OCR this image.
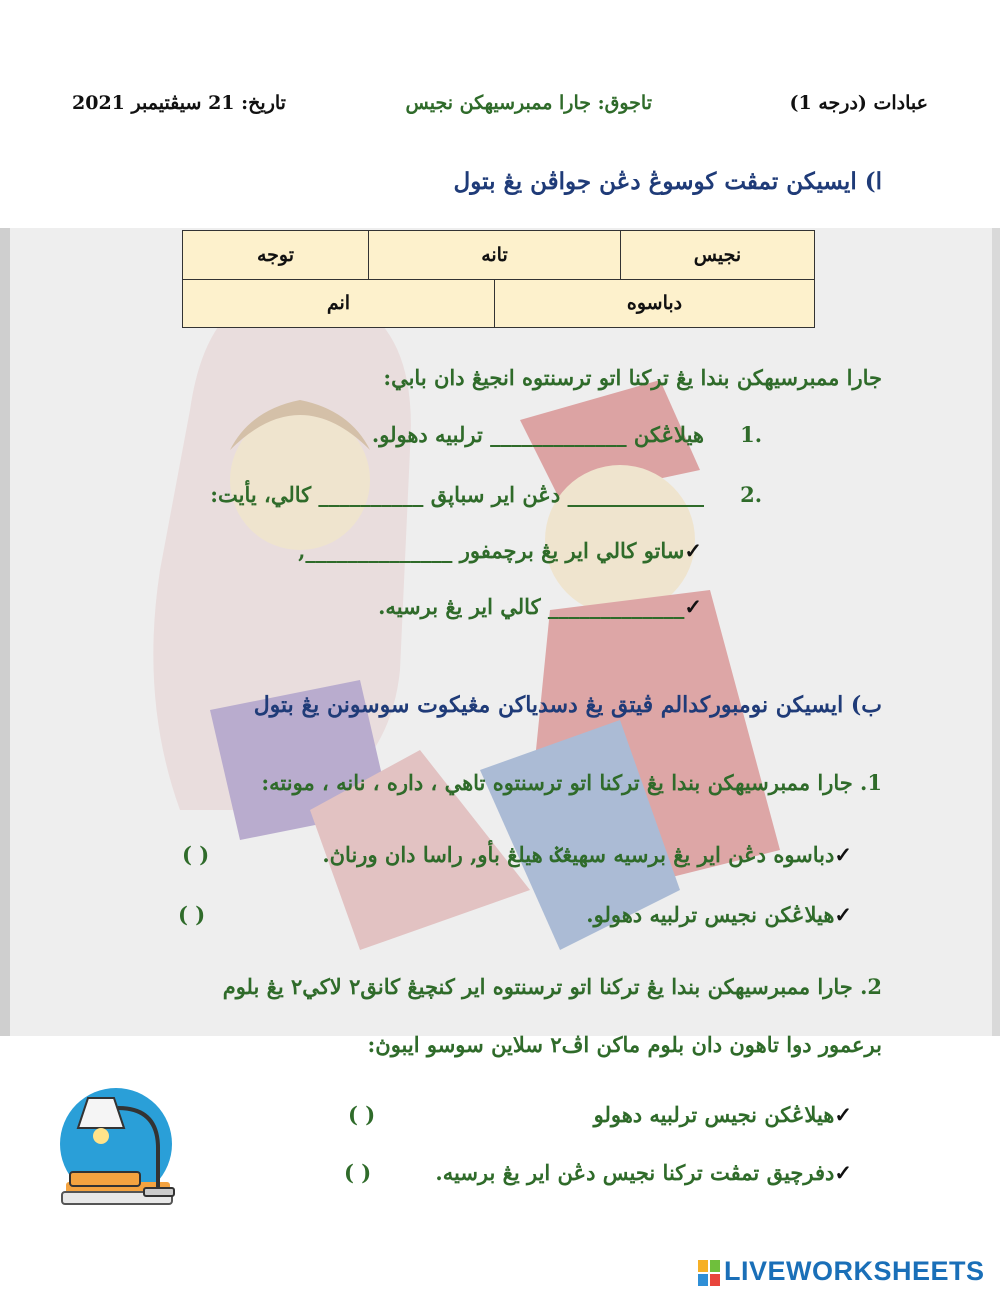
عبادات (درجه 1)
تاجوق: جارا ممبرسيهكن نجيس
تاريخ: 21 سيڤتيمبر 2021
ا) ايسيكن تمڤت كوسوڠ دڠن جواڤن يڠ بتول
نجيس	تانه		توجه
دباسوه		انم	
جارا ممبرسيهكن بندا يڠ تركنا اتو ترسنتوه انجيڠ دان بابي:
.1
هيلاڠكن _____________ ترلبيه دهولو.
.2
_____________ دڠن اير سباڽق __________ كالي، يأيت:
✓ساتو كالي اير يڠ برچمفور ______________,
✓_____________ كالي اير يڠ برسيه.
ب) ايسيكن نومبوركدالم ڤيتق يڠ دسدياكن مڠيكوت سوسونن يڠ بتول
1. جارا ممبرسيهكن بندا يڠ تركنا اتو ترسنتوه تاهي ، داره ، نانه ، مونته:
✓دباسوه دڠن اير يڠ برسيه سهيڠݢ هيلڠ بأو, راسا دان ورناڽ.
( )
✓هيلاڠكن نجيس ترلبيه دهولو.
( )
2. جارا ممبرسيهكن بندا يڠ تركنا اتو ترسنتوه اير كنچيڠ كانق٢ لاكي٢ يڠ بلوم
برعمور دوا تاهون دان بلوم ماكن اڤ٢ سلاين سوسو ايبوڽ:
✓هيلاڠكن نجيس ترلبيه دهولو
( )
✓دفرچيق تمڤت تركنا نجيس دڠن اير يڠ برسيه.
( )
LIVEWORKSHEETS
